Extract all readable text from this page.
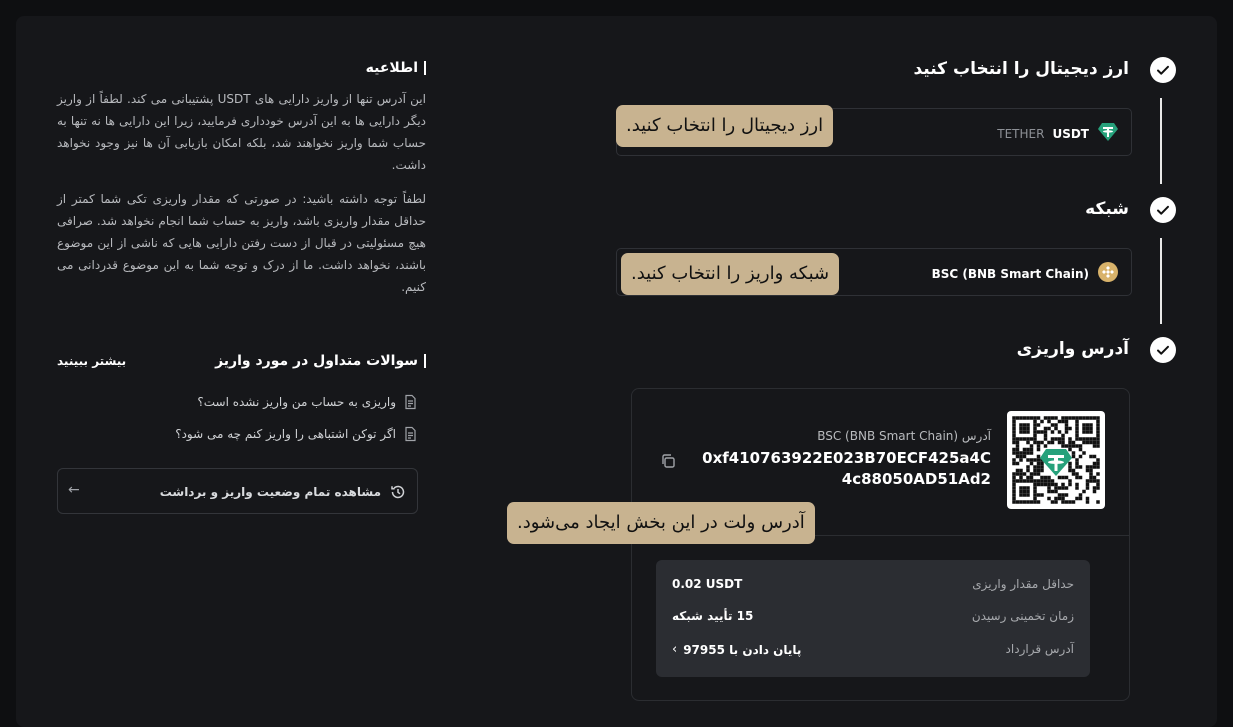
ارز دیجیتال را انتخاب کنید
TETHER USDT
ارز دیجیتال را انتخاب کنید.
شبکه
BSC (BNB Smart Chain)
شبکه واریز را انتخاب کنید.
آدرس واریزی
BSC (BNB Smart Chain) آدرس
0xf410763922E023B70ECF425a4C
4c88050AD51Ad2
0.02 USDT	حداقل مقدار واریزی
15 تأیید شبکه	زمان تخمینی رسیدن
‹ پایان دادن با 97955	آدرس قرارداد
آدرس ولت در این بخش ایجاد می‌شود.
اطلاعیه
این آدرس تنها از واریز دارایی های USDT پشتیبانی می کند. لطفاً از واریز دیگر دارایی ها به این آدرس خودداری فرمایید، زیرا این دارایی ها نه تنها به حساب شما واریز نخواهند شد، بلکه امکان بازیابی آن ها نیز وجود نخواهد داشت.
لطفاً توجه داشته باشید: در صورتی که مقدار واریزی تکی شما کمتر از حداقل مقدار واریزی باشد، واریز به حساب شما انجام نخواهد شد. صرافی هیچ مسئولیتی در قبال از دست رفتن دارایی هایی که ناشی از این موضوع باشند، نخواهد داشت. ما از درک و توجه شما به این موضوع قدردانی می کنیم.
سوالات متداول در مورد واریز
بیشتر ببینید
واریزی به حساب من واریز نشده است؟
اگر توکن اشتباهی را واریز کنم چه می شود؟
مشاهده تمام وضعیت واریز و برداشت
←
